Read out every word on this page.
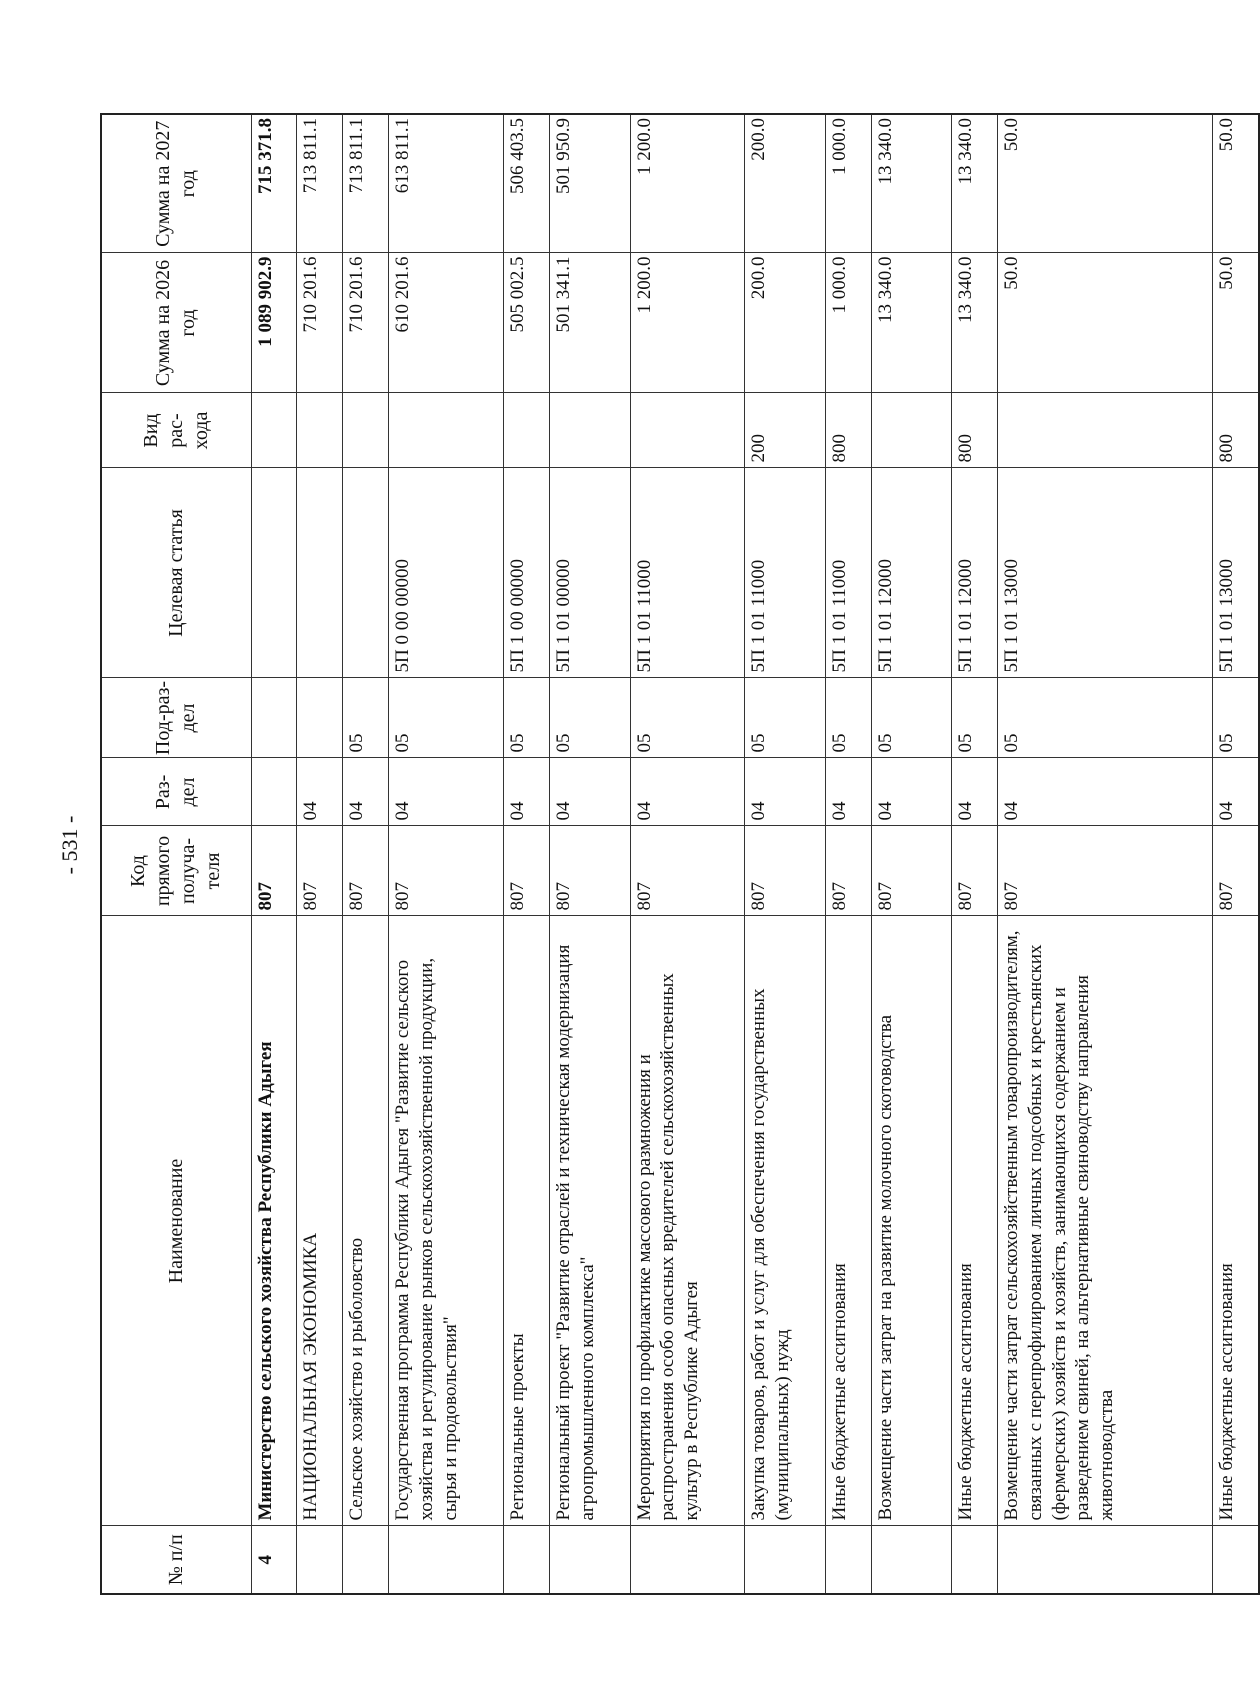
- 531 -
№ п/п	Наименование	Код прямого получа-теля	Раз-дел	Под-раз-дел	Целевая статья	Вид рас-хода	Сумма на 2026 год	Сумма на 2027 год
4	Министерство сельского хозяйства Республики Адыгея	807					1 089 902.9	715 371.8
	НАЦИОНАЛЬНАЯ ЭКОНОМИКА	807	04				710 201.6	713 811.1
	Сельское хозяйство и рыболовство	807	04	05			710 201.6	713 811.1
	Государственная программа Республики Адыгея "Развитие сельского хозяйства и регулирование рынков сельскохозяйственной продукции, сырья и продовольствия"	807	04	05	5П 0 00 00000		610 201.6	613 811.1
	Региональные проекты	807	04	05	5П 1 00 00000		505 002.5	506 403.5
	Региональный проект "Развитие отраслей и техническая модернизация агропромышленного комплекса"	807	04	05	5П 1 01 00000		501 341.1	501 950.9
	Мероприятия по профилактике массового размножения и распространения особо опасных вредителей сельскохозяйственных культур в Республике Адыгея	807	04	05	5П 1 01 11000		1 200.0	1 200.0
	Закупка товаров, работ и услуг для обеспечения государственных (муниципальных) нужд	807	04	05	5П 1 01 11000	200	200.0	200.0
	Иные бюджетные ассигнования	807	04	05	5П 1 01 11000	800	1 000.0	1 000.0
	Возмещение части затрат на развитие молочного скотоводства	807	04	05	5П 1 01 12000		13 340.0	13 340.0
	Иные бюджетные ассигнования	807	04	05	5П 1 01 12000	800	13 340.0	13 340.0
	Возмещение части затрат сельскохозяйственным товаропроизводителям, связанных с перепрофилированием личных подсобных и крестьянских (фермерских) хозяйств и хозяйств, занимающихся содержанием и разведением свиней, на альтернативные свиноводству направления животноводства	807	04	05	5П 1 01 13000		50.0	50.0
	Иные бюджетные ассигнования	807	04	05	5П 1 01 13000	800	50.0	50.0
